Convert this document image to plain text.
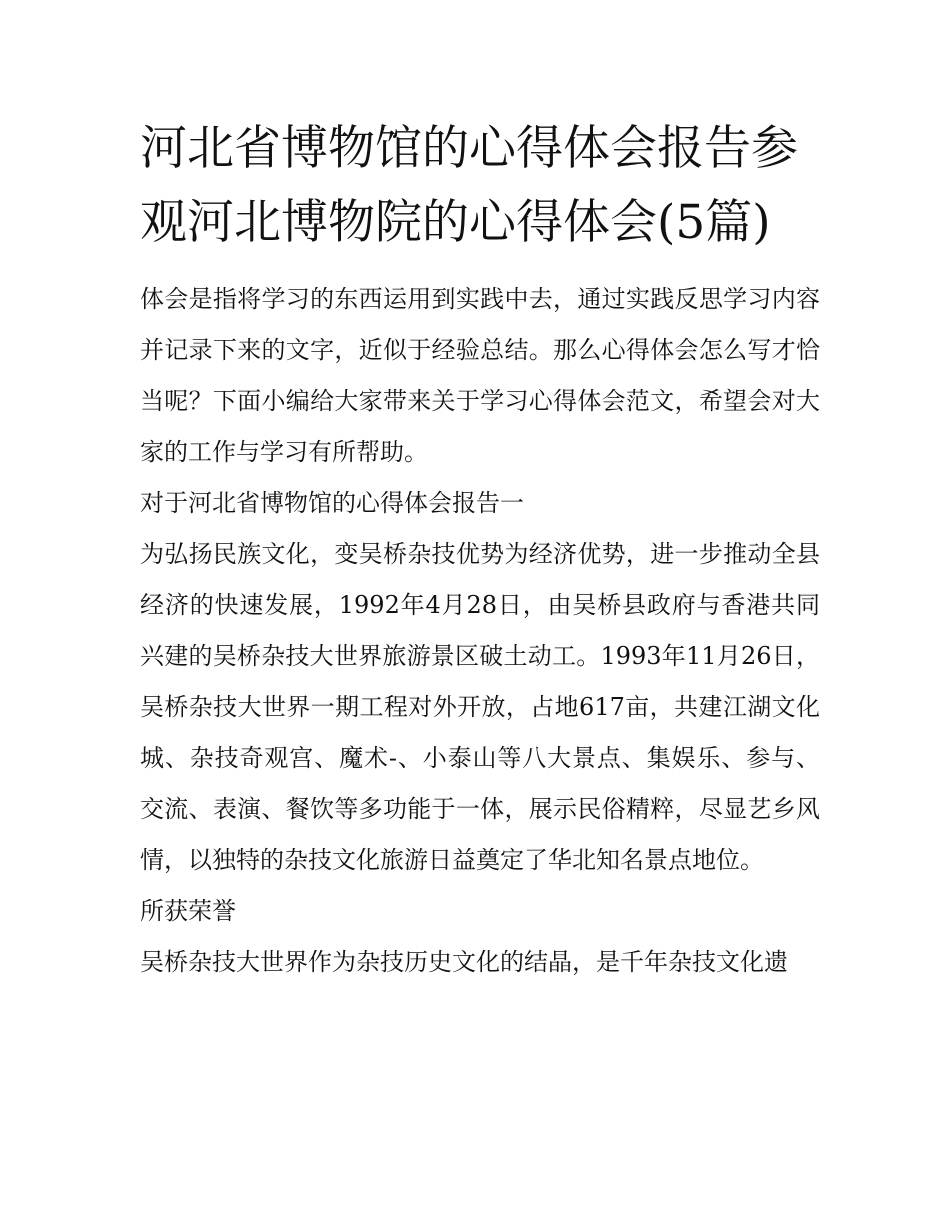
河北省博物馆的心得体会报告参观河北博物院的心得体会(5篇)

体会是指将学习的东西运用到实践中去，通过实践反思学习内容并记录下来的文字，近似于经验总结。那么心得体会怎么写才恰当呢？下面小编给大家带来关于学习心得体会范文，希望会对大家的工作与学习有所帮助。

对于河北省博物馆的心得体会报告一

为弘扬民族文化，变吴桥杂技优势为经济优势，进一步推动全县经济的快速发展，1992年4月28日，由吴桥县政府与香港共同兴建的吴桥杂技大世界旅游景区破土动工。1993年11月26日，吴桥杂技大世界一期工程对外开放，占地617亩，共建江湖文化城、杂技奇观宫、魔术-、小泰山等八大景点、集娱乐、参与、交流、表演、餐饮等多功能于一体，展示民俗精粹，尽显艺乡风情，以独特的杂技文化旅游日益奠定了华北知名景点地位。

所获荣誉

吴桥杂技大世界作为杂技历史文化的结晶，是千年杂技文化遗
